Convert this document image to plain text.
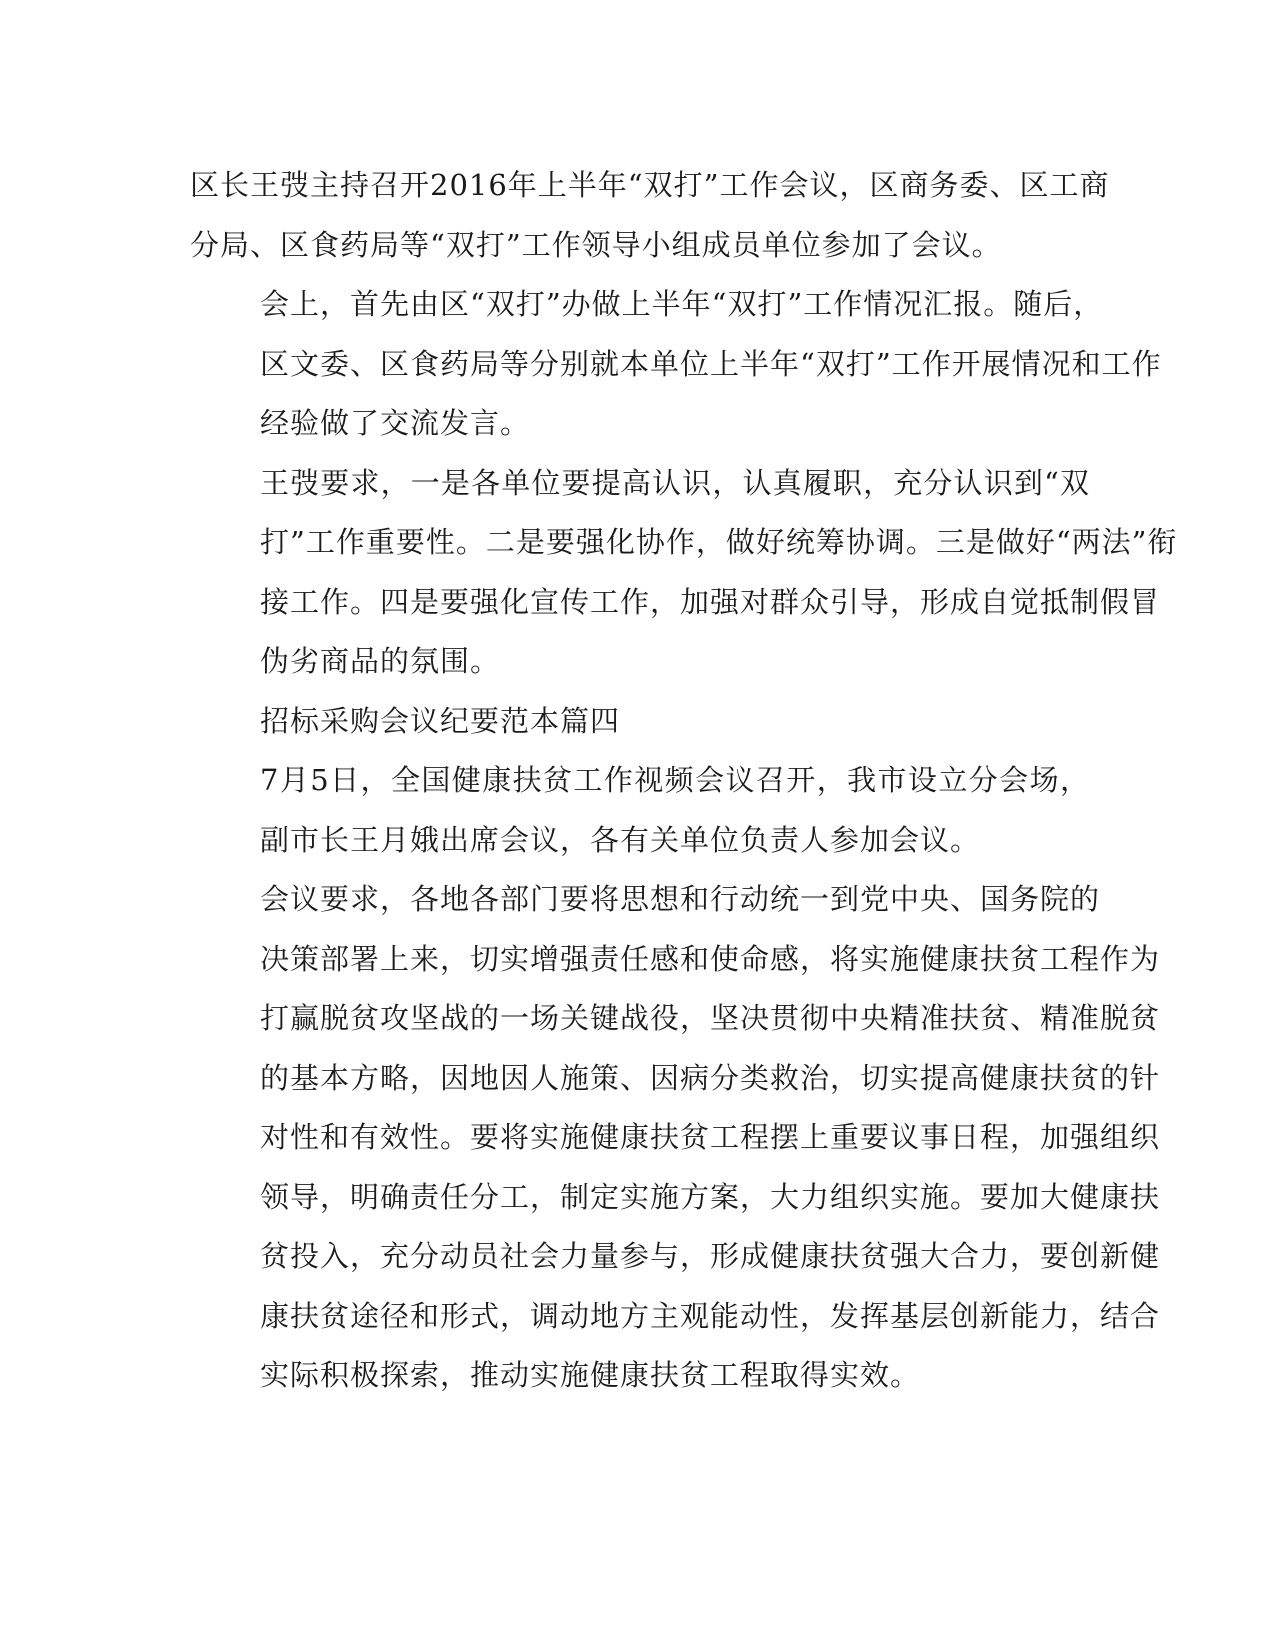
区长王弢主持召开2016年上半年“双打”工作会议，区商务委、区工商
分局、区食药局等“双打”工作领导小组成员单位参加了会议。

会上，首先由区“双打”办做上半年“双打”工作情况汇报。随后，
区文委、区食药局等分别就本单位上半年“双打”工作开展情况和工作
经验做了交流发言。

王弢要求，一是各单位要提高认识，认真履职，充分认识到“双
打”工作重要性。二是要强化协作，做好统筹协调。三是做好“两法”衔
接工作。四是要强化宣传工作，加强对群众引导，形成自觉抵制假冒
伪劣商品的氛围。

招标采购会议纪要范本篇四

7月5日，全国健康扶贫工作视频会议召开，我市设立分会场，
副市长王月娥出席会议，各有关单位负责人参加会议。

会议要求，各地各部门要将思想和行动统一到党中央、国务院的
决策部署上来，切实增强责任感和使命感，将实施健康扶贫工程作为
打赢脱贫攻坚战的一场关键战役，坚决贯彻中央精准扶贫、精准脱贫
的基本方略，因地因人施策、因病分类救治，切实提高健康扶贫的针
对性和有效性。要将实施健康扶贫工程摆上重要议事日程，加强组织
领导，明确责任分工，制定实施方案，大力组织实施。要加大健康扶
贫投入，充分动员社会力量参与，形成健康扶贫强大合力，要创新健
康扶贫途径和形式，调动地方主观能动性，发挥基层创新能力，结合
实际积极探索，推动实施健康扶贫工程取得实效。
